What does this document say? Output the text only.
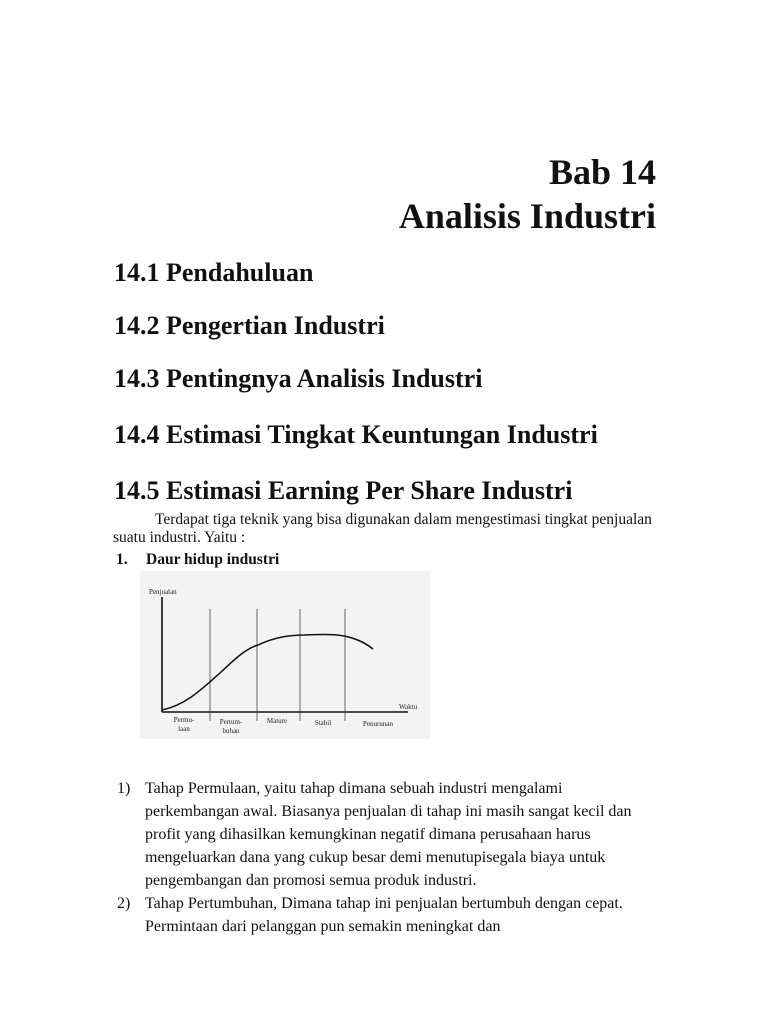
Bab 14
Analisis Industri
14.1 Pendahuluan
14.2 Pengertian Industri
14.3 Pentingnya Analisis Industri
14.4 Estimasi Tingkat Keuntungan Industri
14.5 Estimasi Earning Per Share Industri
Terdapat tiga teknik yang bisa digunakan dalam mengestimasi tingkat penjualan suatu industri. Yaitu :
1. Daur hidup industri
Penjualan
Waktu
Permu-
laan
Pertum-
buhan
Mature	Stabil	Penurunan
1) Tahap Permulaan, yaitu tahap dimana sebuah industri mengalami perkembangan awal. Biasanya penjualan di tahap ini masih sangat kecil dan profit yang dihasilkan kemungkinan negatif dimana perusahaan harus mengeluarkan dana yang cukup besar demi menutupisegala biaya untuk pengembangan dan promosi semua produk industri.
2) Tahap Pertumbuhan, Dimana tahap ini penjualan bertumbuh dengan cepat. Permintaan dari pelanggan pun semakin meningkat dan
